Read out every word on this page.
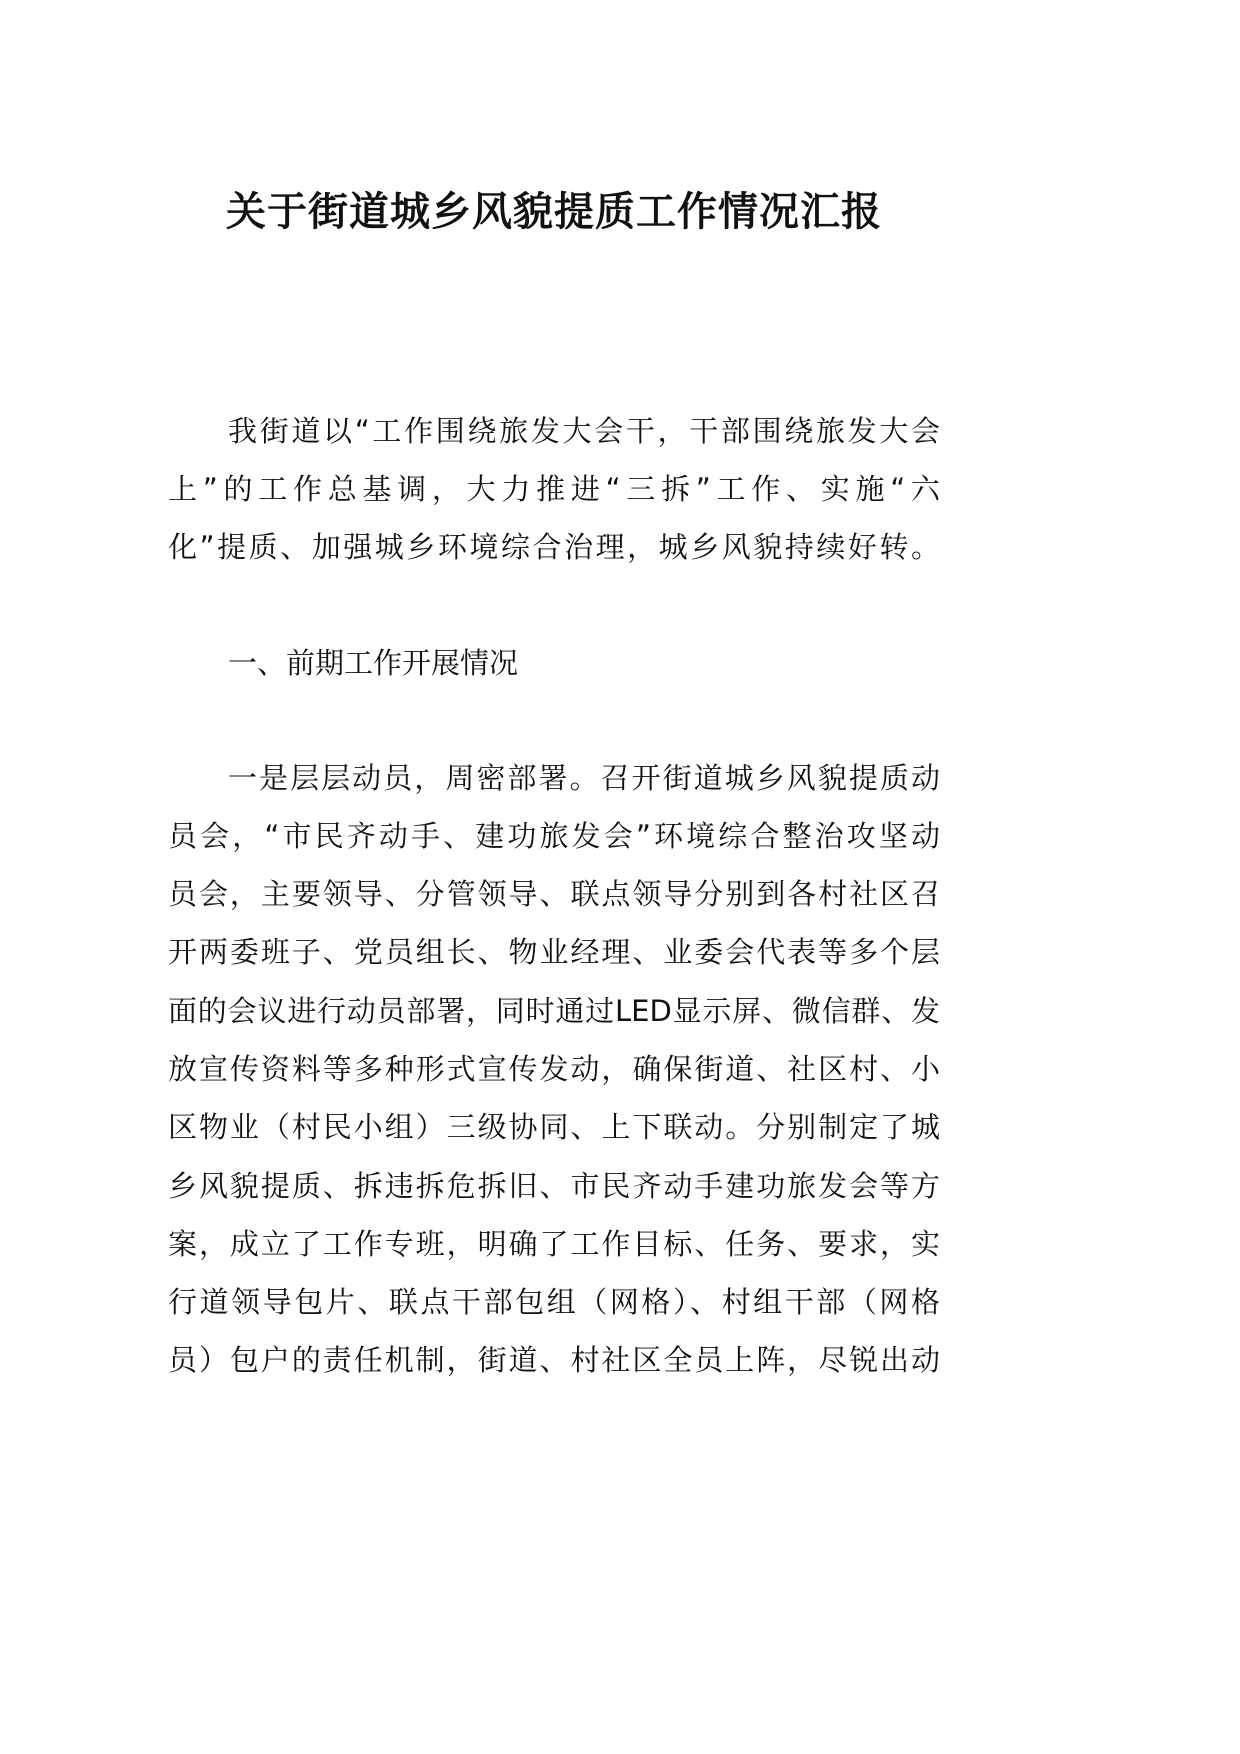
关于街道城乡风貌提质工作情况汇报
我街道以“工作围绕旅发大会干，干部围绕旅发大会
上”的工作总基调，大力推进“三拆”工作、实施“六
化”提质、加强城乡环境综合治理，城乡风貌持续好转。
一、前期工作开展情况
一是层层动员，周密部署。召开街道城乡风貌提质动
员会，“市民齐动手、建功旅发会”环境综合整治攻坚动
员会，主要领导、分管领导、联点领导分别到各村社区召
开两委班子、党员组长、物业经理、业委会代表等多个层
面的会议进行动员部署，同时通过LED显示屏、微信群、发
放宣传资料等多种形式宣传发动，确保街道、社区村、小
区物业（村民小组）三级协同、上下联动。分别制定了城
乡风貌提质、拆违拆危拆旧、市民齐动手建功旅发会等方
案，成立了工作专班，明确了工作目标、任务、要求，实
行道领导包片、联点干部包组（网格）、村组干部（网格
员）包户的责任机制，街道、村社区全员上阵，尽锐出动
